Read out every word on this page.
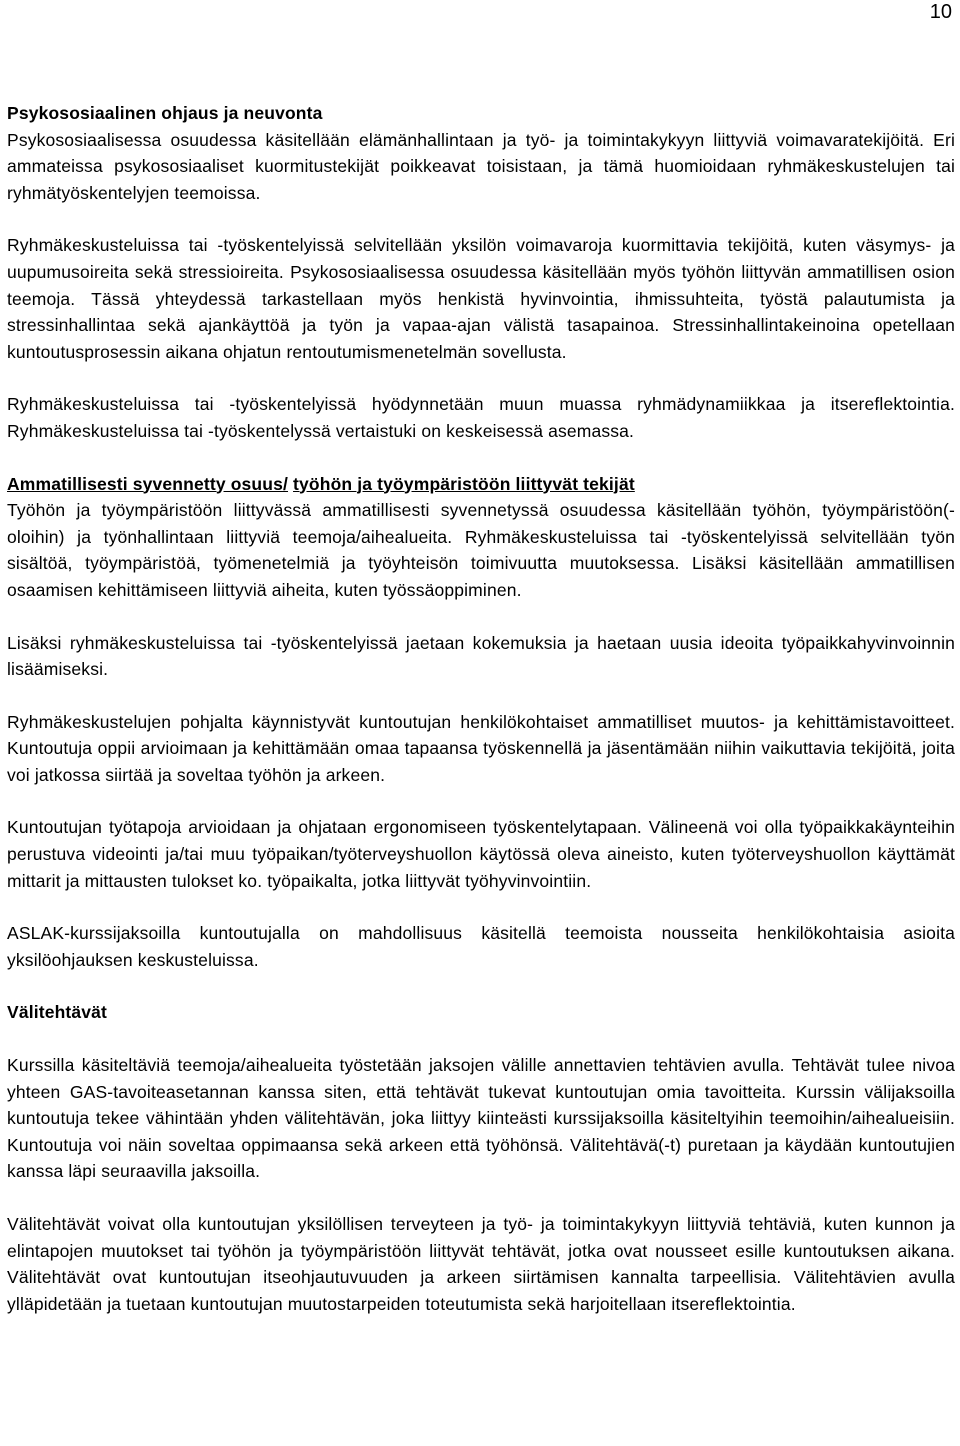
10
Psykososiaalinen ohjaus ja neuvonta

Psykososiaalisessa osuudessa käsitellään elämänhallintaan ja työ- ja toimintakykyyn liittyviä voimavaratekijöitä. Eri ammateissa psykososiaaliset kuormitustekijät poikkeavat toisistaan, ja tämä huomioidaan ryhmäkeskustelujen tai ryhmätyöskentelyjen teemoissa.

Ryhmäkeskusteluissa tai -työskentelyissä selvitellään yksilön voimavaroja kuormittavia tekijöitä, kuten väsymys- ja uupumusoireita sekä stressioireita. Psykososiaalisessa osuudessa käsitellään myös työhön liittyvän ammatillisen osion teemoja. Tässä yhteydessä tarkastellaan myös henkistä hyvinvointia, ihmissuhteita, työstä palautumista ja stressinhallintaa sekä ajankäyttöä ja työn ja vapaa-ajan välistä tasapainoa. Stressinhallintakeinoina opetellaan kuntoutusprosessin aikana ohjatun rentoutumismenetelmän sovellusta.

Ryhmäkeskusteluissa tai -työskentelyissä hyödynnetään muun muassa ryhmädynamiikkaa ja itsereflektointia. Ryhmäkeskusteluissa tai -työskentelyssä vertaistuki on keskeisessä asemassa.

Ammatillisesti syvennetty osuus/ työhön ja työympäristöön liittyvät tekijät

Työhön ja työympäristöön liittyvässä ammatillisesti syvennetyssä osuudessa käsitellään työhön, työympäristöön(-oloihin) ja työnhallintaan liittyviä teemoja/aihealueita. Ryhmäkeskusteluissa tai -työskentelyissä selvitellään työn sisältöä, työympäristöä, työmenetelmiä ja työyhteisön toimivuutta muutoksessa. Lisäksi käsitellään ammatillisen osaamisen kehittämiseen liittyviä aiheita, kuten työssäoppiminen.

Lisäksi ryhmäkeskusteluissa tai -työskentelyissä jaetaan kokemuksia ja haetaan uusia ideoita työpaikkahyvinvoinnin lisäämiseksi.

Ryhmäkeskustelujen pohjalta käynnistyvät kuntoutujan henkilökohtaiset ammatilliset muutos- ja kehittämistavoitteet. Kuntoutuja oppii arvioimaan ja kehittämään omaa tapaansa työskennellä ja jäsentämään niihin vaikuttavia tekijöitä, joita voi jatkossa siirtää ja soveltaa työhön ja arkeen.

Kuntoutujan työtapoja arvioidaan ja ohjataan ergonomiseen työskentelytapaan. Välineenä voi olla työpaikkakäynteihin perustuva videointi ja/tai muu työpaikan/työterveyshuollon käytössä oleva aineisto, kuten työterveyshuollon käyttämät mittarit ja mittausten tulokset ko. työpaikalta, jotka liittyvät työhyvinvointiin.

ASLAK-kurssijaksoilla kuntoutujalla on mahdollisuus käsitellä teemoista nousseita henkilökohtaisia asioita yksilöohjauksen keskusteluissa.

Välitehtävät

Kurssilla käsiteltäviä teemoja/aihealueita työstetään jaksojen välille annettavien tehtävien avulla. Tehtävät tulee nivoa yhteen GAS-tavoiteasetannan kanssa siten, että tehtävät tukevat kuntoutujan omia tavoitteita. Kurssin välijaksoilla kuntoutuja tekee vähintään yhden välitehtävän, joka liittyy kiinteästi kurssijaksoilla käsiteltyihin teemoihin/aihealueisiin. Kuntoutuja voi näin soveltaa oppimaansa sekä arkeen että työhönsä. Välitehtävä(-t) puretaan ja käydään kuntoutujien kanssa läpi seuraavilla jaksoilla.

Välitehtävät voivat olla kuntoutujan yksilöllisen terveyteen ja työ- ja toimintakykyyn liittyviä tehtäviä, kuten kunnon ja elintapojen muutokset tai työhön ja työympäristöön liittyvät tehtävät, jotka ovat nousseet esille kuntoutuksen aikana. Välitehtävät ovat kuntoutujan itseohjautuvuuden ja arkeen siirtämisen kannalta tarpeellisia. Välitehtävien avulla ylläpidetään ja tuetaan kuntoutujan muutostarpeiden toteutumista sekä harjoitellaan itsereflektointia.
